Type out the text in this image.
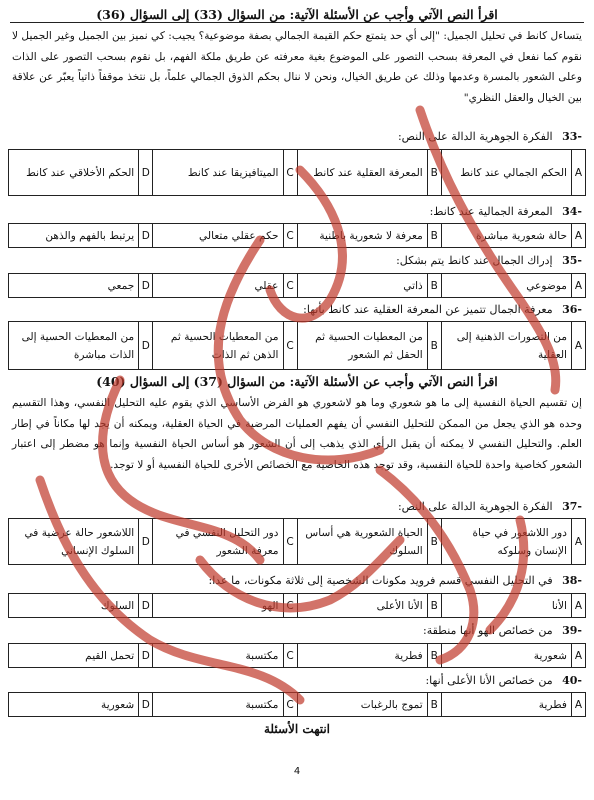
اقرأ النص الآتي وأجب عن الأسئلة الآتية: من السؤال (33) إلى السؤال (36)
يتساءل كانط في تحليل الجميل: "إلى أي حد يتمتع حكم القيمة الجمالي بصفة موضوعية؟ يجيب: كي نميز بين الجميل وغير الجميل لا نقوم كما نفعل في المعرفة بسحب التصور على الموضوع بغية معرفته عن طريق ملكة الفهم، بل نقوم بسحب التصور على الذات وعلى الشعور بالمسرة وعدمها وذلك عن طريق الخيال، ونحن لا ننال بحكم الذوق الجمالي علماً، بل نتخذ موقفاً ذاتياً يعبّر عن علاقة بين الخيال والعقل النظري"
-33 الفكرة الجوهرية الدالة على النص:
A	الحكم الجمالي عند كانط	B	المعرفة العقلية عند كانط	C	الميتافيزيقا عند كانط	D	الحكم الأخلاقي عند كانط
-34 المعرفة الجمالية عند كانط:
A	حالة شعورية مباشرة	B	معرفة لا شعورية باطنية	C	حكم عقلي متعالي	D	يرتبط بالفهم والذهن
-35 إدراك الجمال عند كانط يتم بشكل:
A	موضوعي	B	ذاتي	C	عقلي	D	جمعي
-36 معرفة الجمال تتميز عن المعرفة العقلية عند كانط بأنها:
A	من التصورات الذهنية إلى العقلية	B	من المعطيات الحسية ثم الحقل ثم الشعور	C	من المعطيات الحسية ثم الذهن ثم الذات	D	من المعطيات الحسية إلى الذات مباشرة
اقرأ النص الآتي وأجب عن الأسئلة الآتية: من السؤال (37) إلى السؤال (40)
إن تقسيم الحياة النفسية إلى ما هو شعوري وما هو لاشعوري هو الفرض الأساسي الذي يقوم عليه التحليل النفسي، وهذا التقسيم وحده هو الذي يجعل من الممكن للتحليل النفسي أن يفهم العمليات المرضية في الحياة العقلية، ويمكنه أن يجد لها مكاناً في إطار العلم. والتحليل النفسي لا يمكنه أن يقبل الرأي الذي يذهب إلى أن الشعور هو أساس الحياة النفسية وإنما هو مضطر إلى اعتبار الشعور كخاصية واحدة للحياة النفسية، وقد توجد هذه الخاصية مع الخصائص الأخرى للحياة النفسية أو لا توجد.
-37 الفكرة الجوهرية الدالة على النص:
A	دور اللاشعور في حياة الإنسان وسلوكه	B	الحياة الشعورية هي أساس السلوك	C	دور التحليل النفسي في معرفة الشعور	D	اللاشعور حالة عرضية في السلوك الإنساني
-38 في التحليل النفسي قسم فرويد مكونات الشخصية إلى ثلاثة مكونات، ما عدا:
A	الأنا	B	الأنا الأعلى	C	الهو	D	السلوك
-39 من خصائص الهو أنها منطقة:
A	شعورية	B	فطرية	C	مكتسبة	D	تحمل القيم
-40 من خصائص الأنا الأعلى أنها:
A	فطرية	B	تموج بالرغبات	C	مكتسبة	D	شعورية
انتهت الأسئلة
4
